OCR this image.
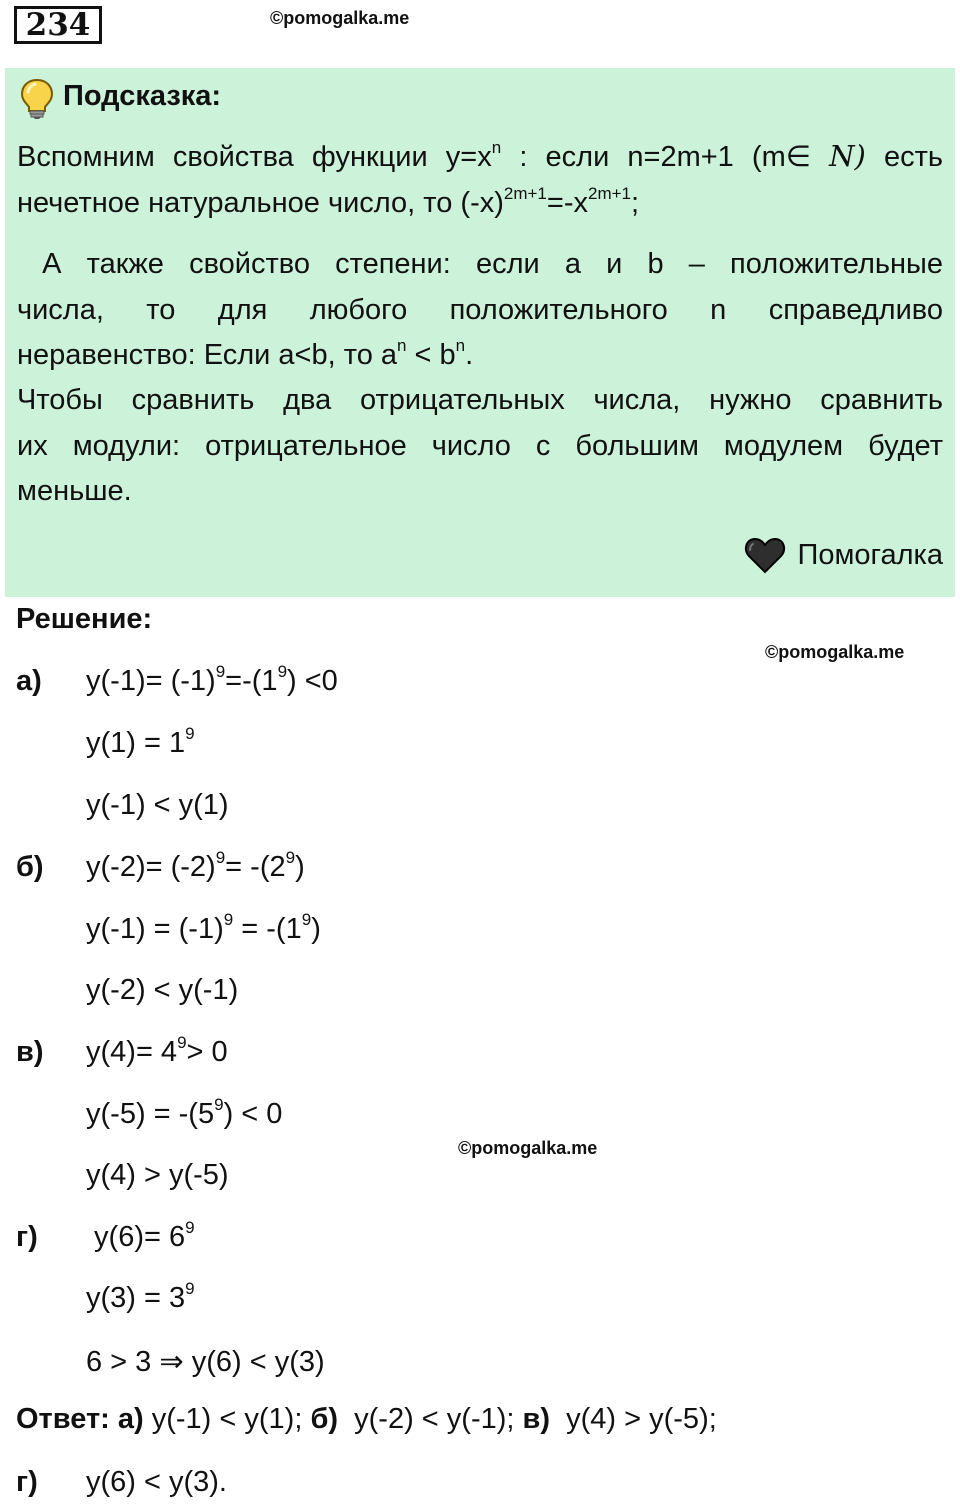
234	©pomogalka.me
Подсказка:
Вспомним свойства функции $y=x^n$ : если n=2m+1 (m∈ N) есть
нечетное натуральное число, то $(-x)^{2m+1}=-x^{2m+1}$;
А также свойство степени: если a и b – положительные
числа, то для любого положительного n справедливо
неравенство: Если a<b, то $a^n < b^n$.
Чтобы сравнить два отрицательных числа, нужно сравнить
их модули: отрицательное число с большим модулем будет
меньше.
Помогалка
Решение:
©pomogalka.me
а) $y(-1)= (-1)^9=-(1^9) <0$
$y(1) = 1^9$
y(-1) < y(1)
б) $y(-2)= (-2)^9= -(2^9)$
$y(-1) = (-1)^9 = -(1^9)$
y(-2) < y(-1)
в) $y(4)= 4^9> 0$
$y(-5) = -(5^9) < 0$
©pomogalka.me
y(4) > y(-5)
г) $y(6)= 6^9$
$y(3) = 3^9$
6 > 3 ⇒ y(6) < y(3)
Ответ: а) y(-1) < y(1); б)  y(-2) < y(-1); в)  y(4) > y(-5);
г) y(6) < y(3).
